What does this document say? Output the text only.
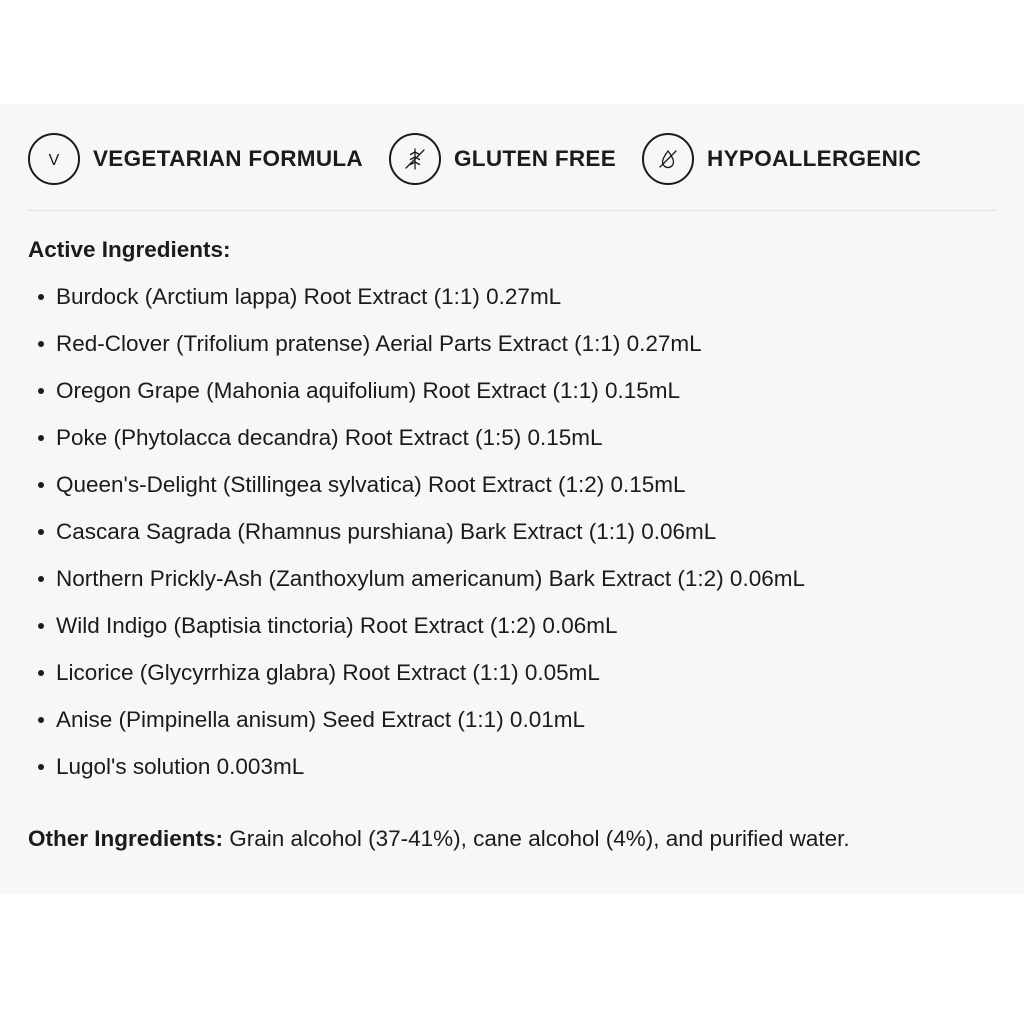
V VEGETARIAN FORMULA	GLUTEN FREE	HYPOALLERGENIC
Active Ingredients:
Burdock (Arctium lappa) Root Extract (1:1) 0.27mL
Red-Clover (Trifolium pratense) Aerial Parts Extract (1:1) 0.27mL
Oregon Grape (Mahonia aquifolium) Root Extract (1:1) 0.15mL
Poke (Phytolacca decandra) Root Extract (1:5) 0.15mL
Queen's-Delight (Stillingea sylvatica) Root Extract (1:2) 0.15mL
Cascara Sagrada (Rhamnus purshiana) Bark Extract (1:1) 0.06mL
Northern Prickly-Ash (Zanthoxylum americanum) Bark Extract (1:2) 0.06mL
Wild Indigo (Baptisia tinctoria) Root Extract (1:2) 0.06mL
Licorice (Glycyrrhiza glabra) Root Extract (1:1) 0.05mL
Anise (Pimpinella anisum) Seed Extract (1:1) 0.01mL
Lugol's solution 0.003mL
Other Ingredients: Grain alcohol (37-41%), cane alcohol (4%), and purified water.
